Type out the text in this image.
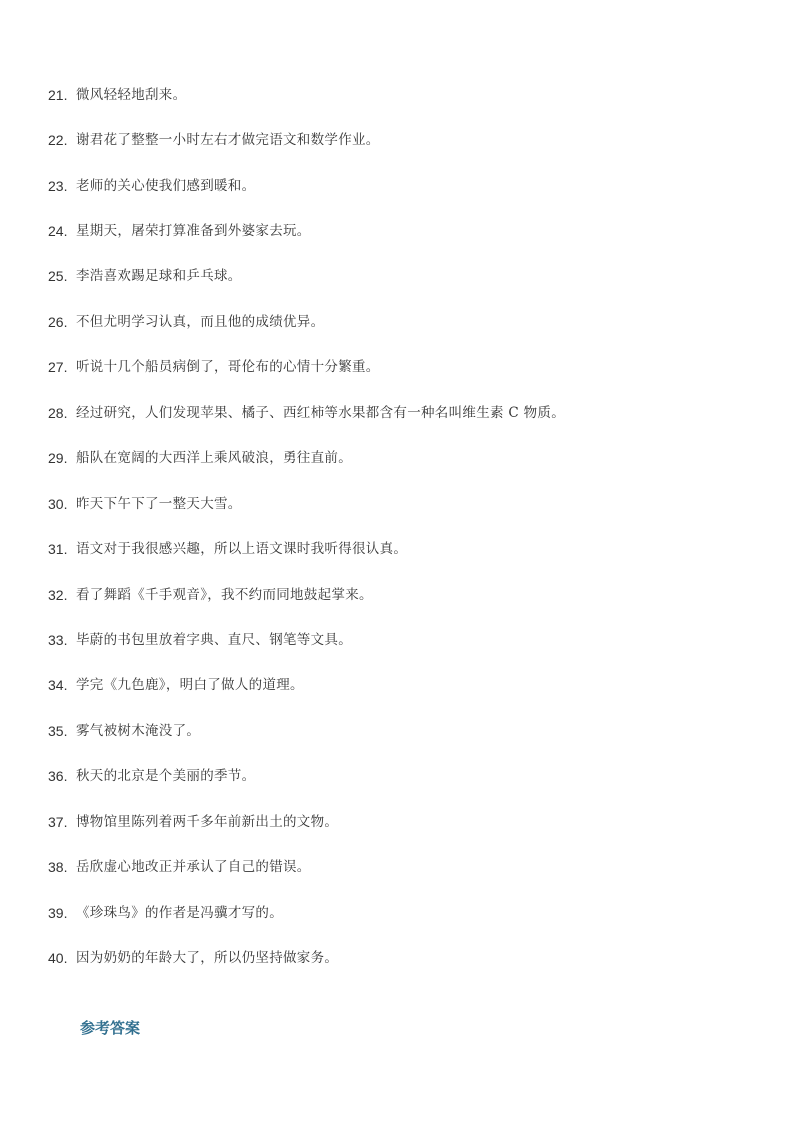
21. 微风轻轻地刮来。
22. 谢君花了整整一小时左右才做完语文和数学作业。
23. 老师的关心使我们感到暖和。
24. 星期天，屠荣打算准备到外婆家去玩。
25. 李浩喜欢踢足球和乒乓球。
26. 不但尤明学习认真，而且他的成绩优异。
27. 听说十几个船员病倒了，哥伦布的心情十分繁重。
28. 经过研究，人们发现苹果、橘子、西红柿等水果都含有一种名叫维生素 C 物质。
29. 船队在宽阔的大西洋上乘风破浪，勇往直前。
30. 昨天下午下了一整天大雪。
31. 语文对于我很感兴趣，所以上语文课时我听得很认真。
32. 看了舞蹈《千手观音》，我不约而同地鼓起掌来。
33. 毕蔚的书包里放着字典、直尺、钢笔等文具。
34. 学完《九色鹿》，明白了做人的道理。
35. 雾气被树木淹没了。
36. 秋天的北京是个美丽的季节。
37. 博物馆里陈列着两千多年前新出土的文物。
38. 岳欣虚心地改正并承认了自己的错误。
39. 《珍珠鸟》的作者是冯骥才写的。
40. 因为奶奶的年龄大了，所以仍坚持做家务。
参考答案
